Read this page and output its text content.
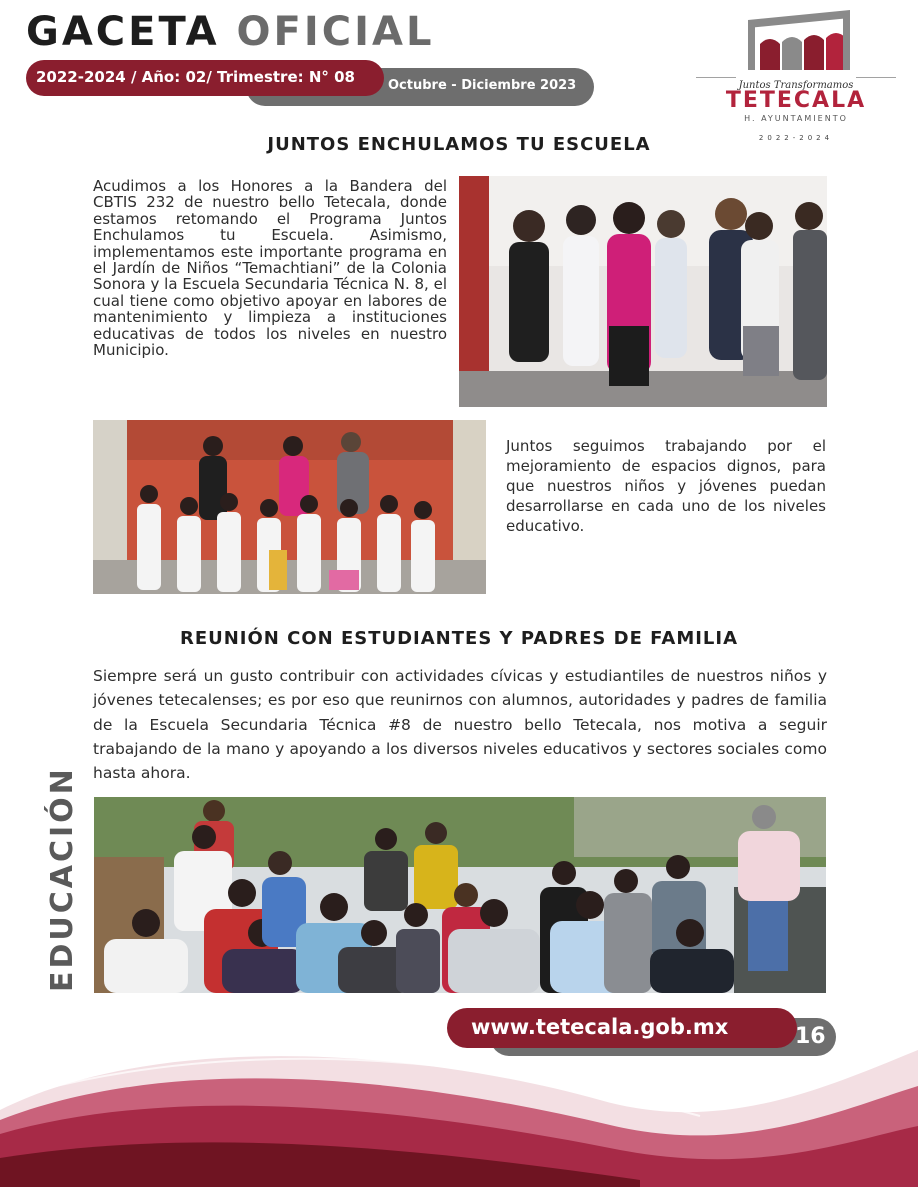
GACETA OFICIAL
Octubre - Diciembre 2023
2022-2024 / Año: 02/ Trimestre: N° 08	Juntos Transformamos
TETECALA
H. AYUNTAMIENTO
2022-2024
JUNTOS ENCHULAMOS TU ESCUELA

Acudimos a los Honores a la Bandera del CBTIS 232 de nuestro bello Tetecala, donde estamos retomando el Programa Juntos Enchulamos tu Escuela. Asimismo, implementamos este importante programa en el Jardín de Niños “Temachtiani” de la Colonia Sonora y la Escuela Secundaria Técnica N. 8, el cual tiene como objetivo apoyar en labores de mantenimiento y limpieza a instituciones educativas de todos los niveles en nuestro Municipio.

Juntos seguimos trabajando por el mejoramiento de espacios dignos, para que nuestros niños y jóvenes puedan desarrollarse en cada uno de los niveles educativo.

REUNIÓN CON ESTUDIANTES Y PADRES DE FAMILIA

Siempre será un gusto contribuir con actividades cívicas y estudiantiles de nuestros niños y jóvenes tetecalenses; es por eso que reunirnos con alumnos, autoridades y padres de familia de la Escuela Secundaria Técnica #8 de nuestro bello Tetecala, nos motiva a seguir trabajando de la mano y apoyando a los diversos niveles educativos y sectores sociales como hasta ahora.

EDUCACIÓN
16
www.tetecala.gob.mx
